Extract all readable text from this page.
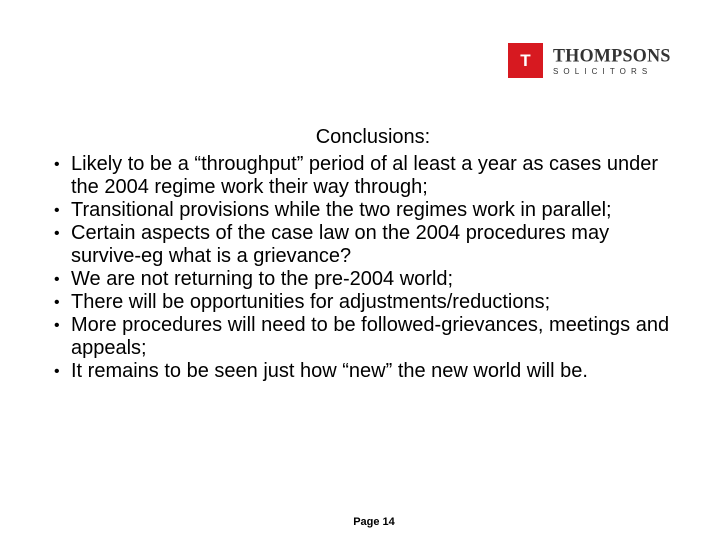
T	THOMPSONS
SOLICITORS
Conclusions:
• Likely to be a “throughput” period of al least a year as cases under the 2004 regime work their way through;
• Transitional provisions while the two regimes work in parallel;
• Certain aspects of the case law on the 2004 procedures may survive-eg what is a grievance?
• We are not returning to the pre-2004 world;
• There will be opportunities for adjustments/reductions;
• More procedures will need to be followed-grievances, meetings and appeals;
• It remains to be seen just how “new” the new world will be.
Page 14
